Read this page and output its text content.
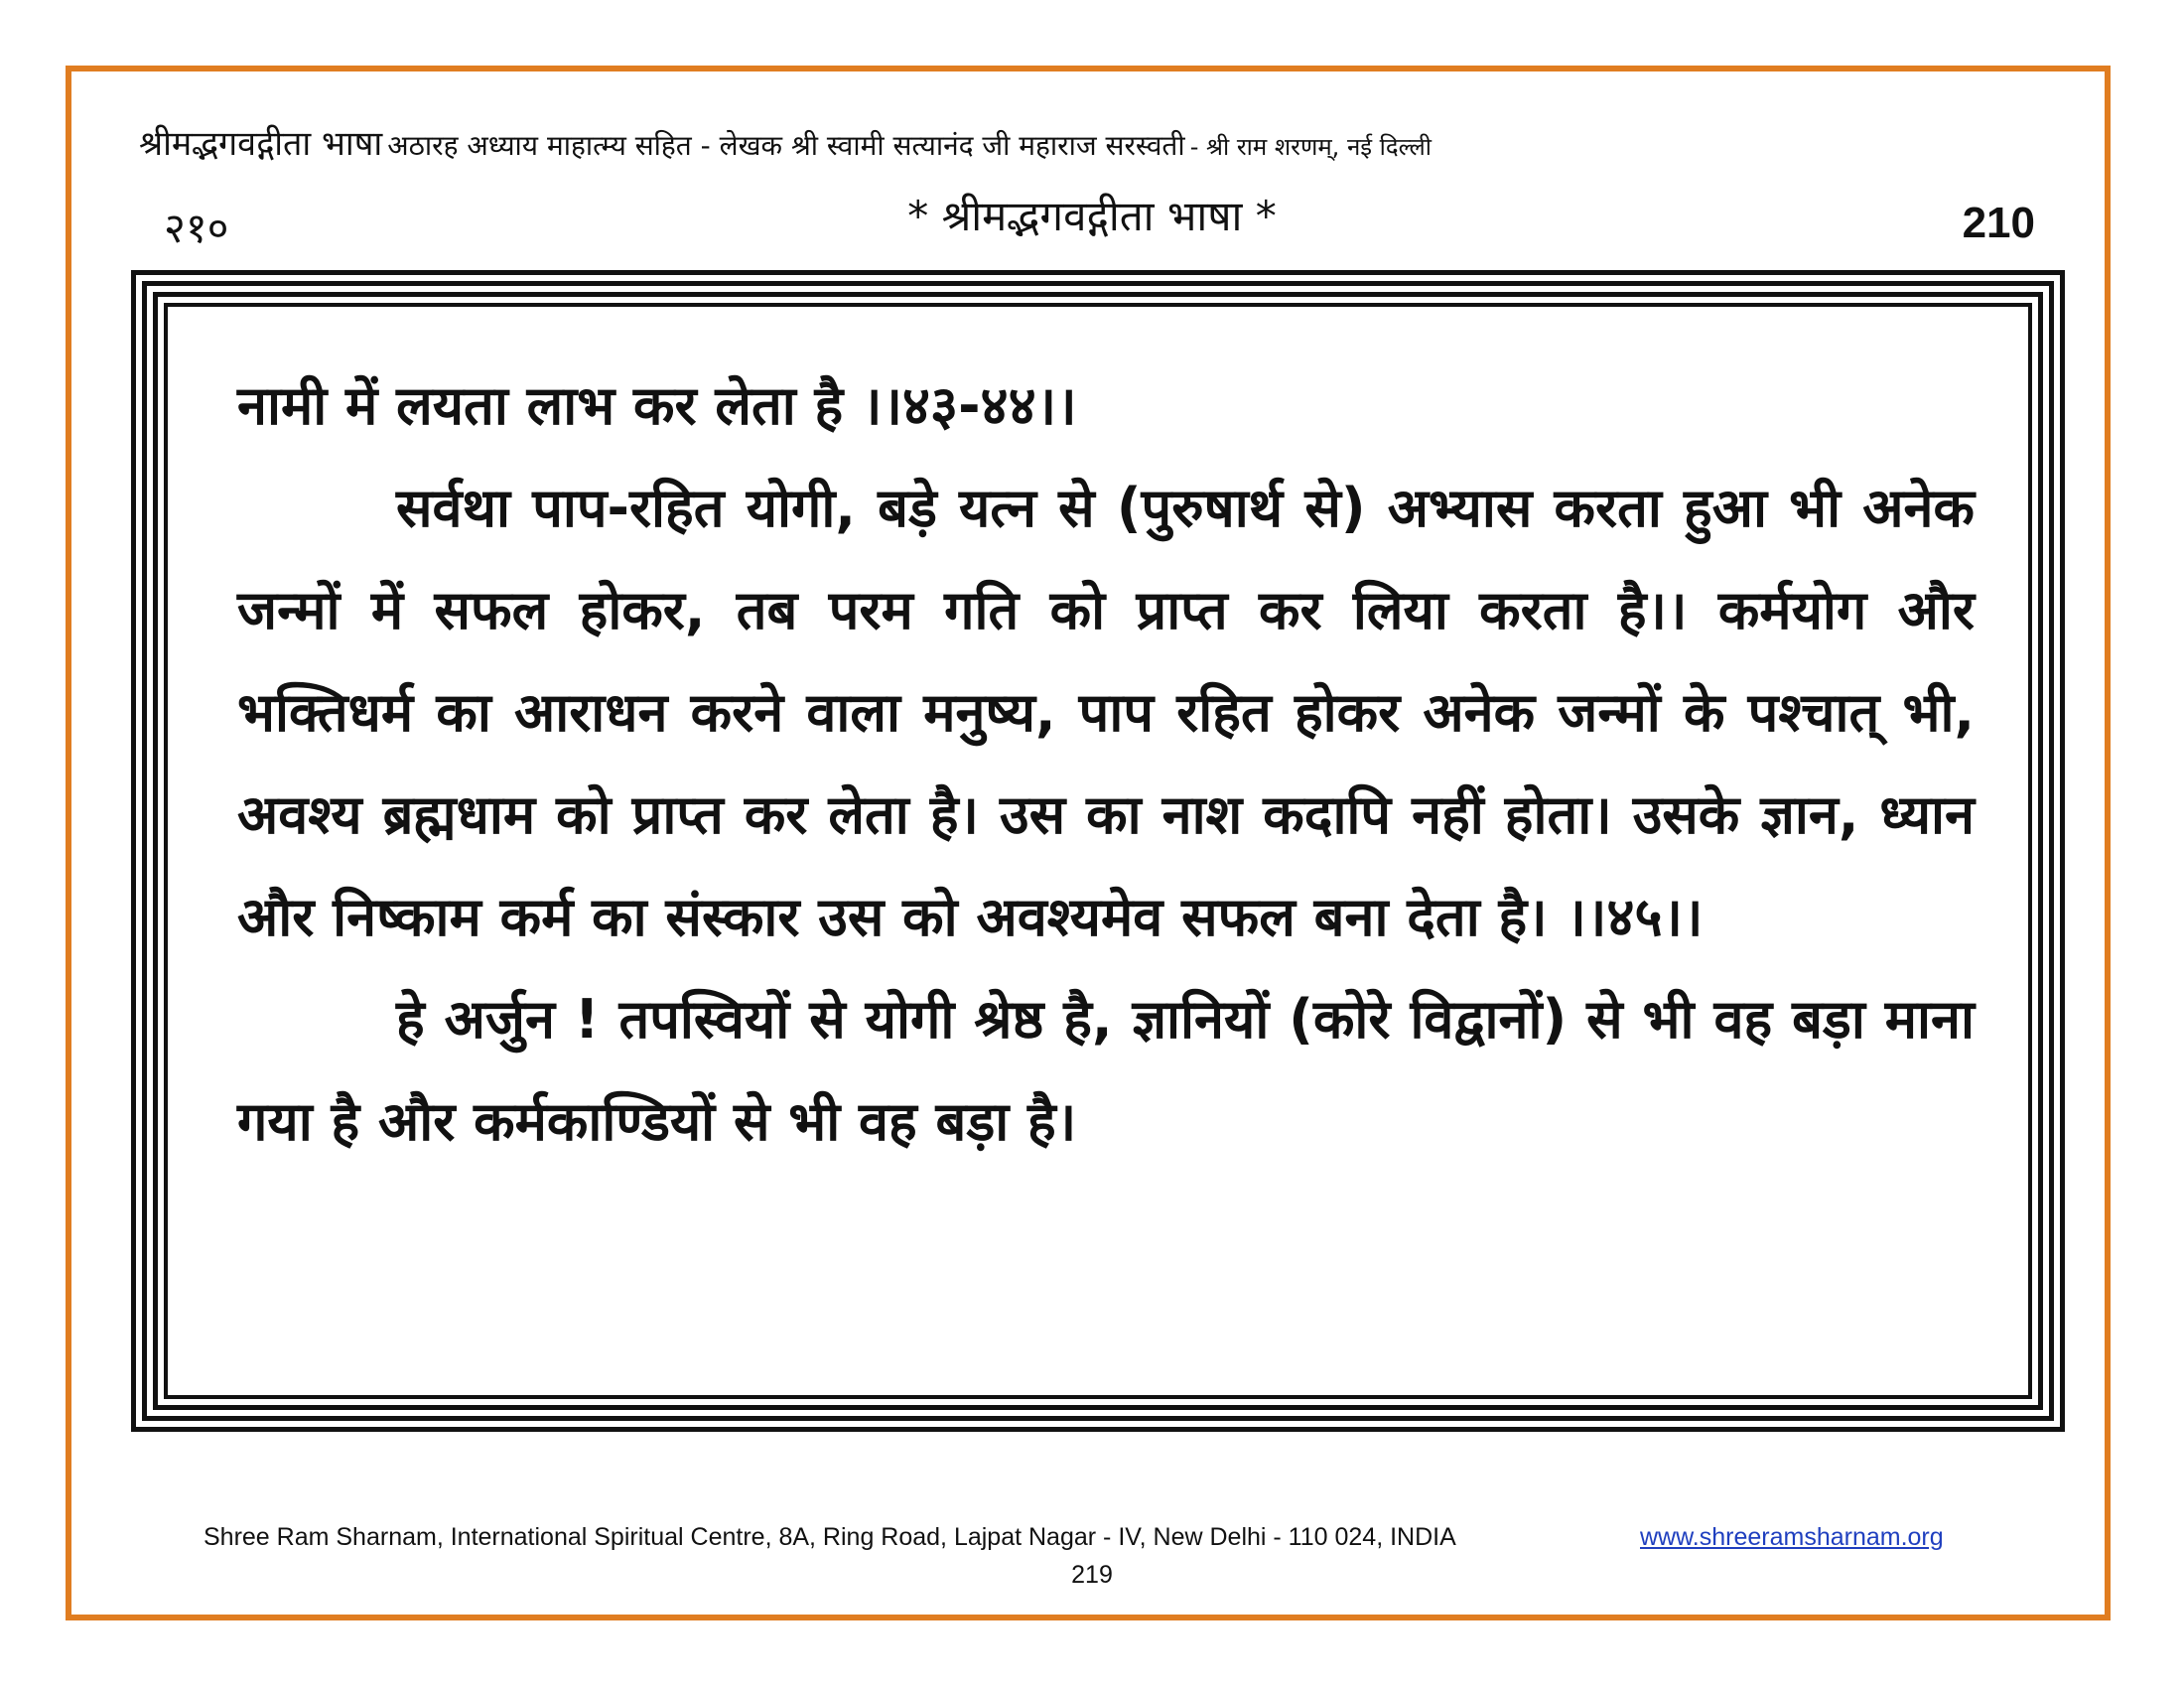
श्रीमद्भगवद्गीता भाषा अठारह अध्याय माहात्म्य सहित - लेखक श्री स्वामी सत्यानंद जी महाराज सरस्वती - श्री राम शरणम्, नई दिल्ली
२१०	* श्रीमद्भगवद्गीता भाषा *	210

नामी में लयता लाभ कर लेता है ।।४३-४४।।

सर्वथा पाप-रहित योगी, बड़े यत्न से (पुरुषार्थ से) अभ्यास करता हुआ भी अनेक जन्मों में सफल होकर, तब परम गति को प्राप्त कर लिया करता है।। कर्मयोग और भक्तिधर्म का आराधन करने वाला मनुष्य, पाप रहित होकर अनेक जन्मों के पश्चात् भी, अवश्य ब्रह्मधाम को प्राप्त कर लेता है। उस का नाश कदापि नहीं होता। उसके ज्ञान, ध्यान और निष्काम कर्म का संस्कार उस को अवश्यमेव सफल बना देता है। ।।४५।।

हे अर्जुन ! तपस्वियों से योगी श्रेष्ठ है, ज्ञानियों (कोरे विद्वानों) से भी वह बड़ा माना गया है और कर्मकाण्डियों से भी वह बड़ा है।

Shree Ram Sharnam, International Spiritual Centre, 8A, Ring Road, Lajpat Nagar - IV, New Delhi - 110 024, INDIA	www.shreeramsharnam.org
219
